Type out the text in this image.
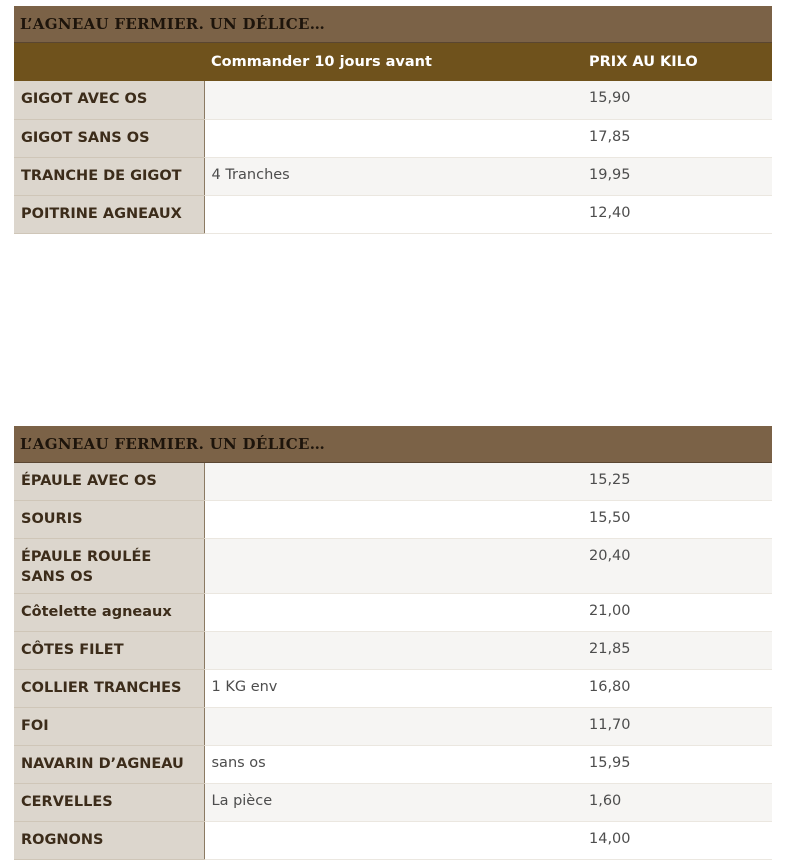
L’AGNEAU FERMIER. UN DÉLICE…		
	Commander 10 jours avant	PRIX AU KILO
GIGOT AVEC OS		15,90
GIGOT SANS OS		17,85
TRANCHE DE GIGOT	4 Tranches	19,95
POITRINE AGNEAUX		12,40
L’AGNEAU FERMIER. UN DÉLICE…		
ÉPAULE AVEC OS		15,25
SOURIS		15,50
ÉPAULE ROULÉE SANS OS		20,40
Côtelette agneaux		21,00
CÔTES FILET		21,85
COLLIER TRANCHES	1 KG env	16,80
FOI		11,70
NAVARIN D’AGNEAU	sans os	15,95
CERVELLES	La pièce	1,60
ROGNONS		14,00
